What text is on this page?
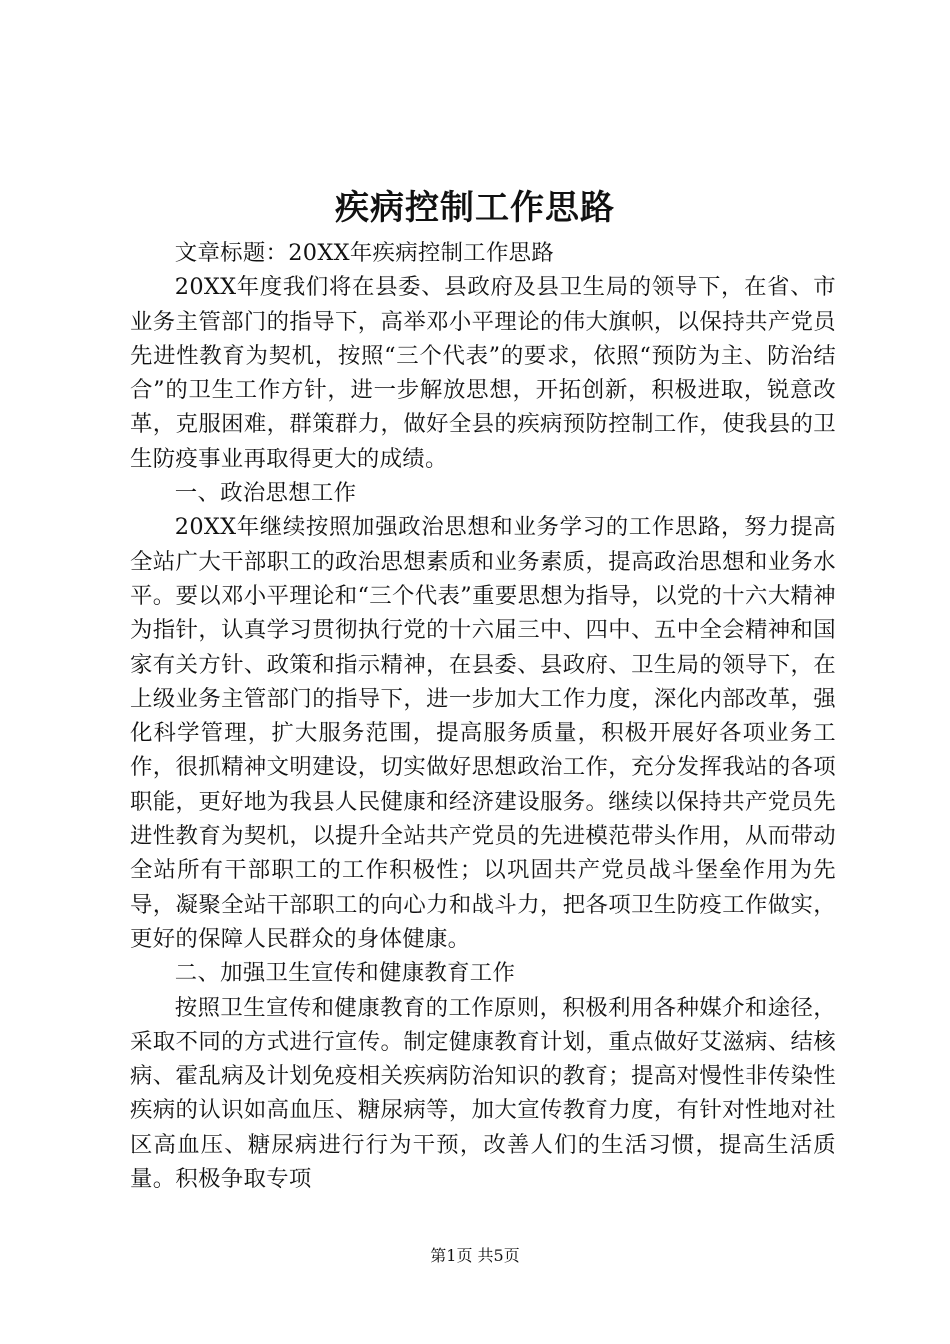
疾病控制工作思路

文章标题：20XX年疾病控制工作思路

20XX年度我们将在县委、县政府及县卫生局的领导下，在省、市业务主管部门的指导下，高举邓小平理论的伟大旗帜，以保持共产党员先进性教育为契机，按照“三个代表”的要求，依照“预防为主、防治结合”的卫生工作方针，进一步解放思想，开拓创新，积极进取，锐意改革，克服困难，群策群力，做好全县的疾病预防控制工作，使我县的卫生防疫事业再取得更大的成绩。

一、政治思想工作

20XX年继续按照加强政治思想和业务学习的工作思路，努力提高全站广大干部职工的政治思想素质和业务素质，提高政治思想和业务水平。要以邓小平理论和“三个代表”重要思想为指导，以党的十六大精神为指针，认真学习贯彻执行党的十六届三中、四中、五中全会精神和国家有关方针、政策和指示精神，在县委、县政府、卫生局的领导下，在上级业务主管部门的指导下，进一步加大工作力度，深化内部改革，强化科学管理，扩大服务范围，提高服务质量，积极开展好各项业务工作，很抓精神文明建设，切实做好思想政治工作，充分发挥我站的各项职能，更好地为我县人民健康和经济建设服务。继续以保持共产党员先进性教育为契机，以提升全站共产党员的先进模范带头作用，从而带动全站所有干部职工的工作积极性；以巩固共产党员战斗堡垒作用为先导，凝聚全站干部职工的向心力和战斗力，把各项卫生防疫工作做实，更好的保障人民群众的身体健康。

二、加强卫生宣传和健康教育工作

按照卫生宣传和健康教育的工作原则，积极利用各种媒介和途径，采取不同的方式进行宣传。制定健康教育计划，重点做好艾滋病、结核病、霍乱病及计划免疫相关疾病防治知识的教育；提高对慢性非传染性疾病的认识如高血压、糖尿病等，加大宣传教育力度，有针对性地对社区高血压、糖尿病进行行为干预，改善人们的生活习惯，提高生活质量。积极争取专项

第1页 共5页
